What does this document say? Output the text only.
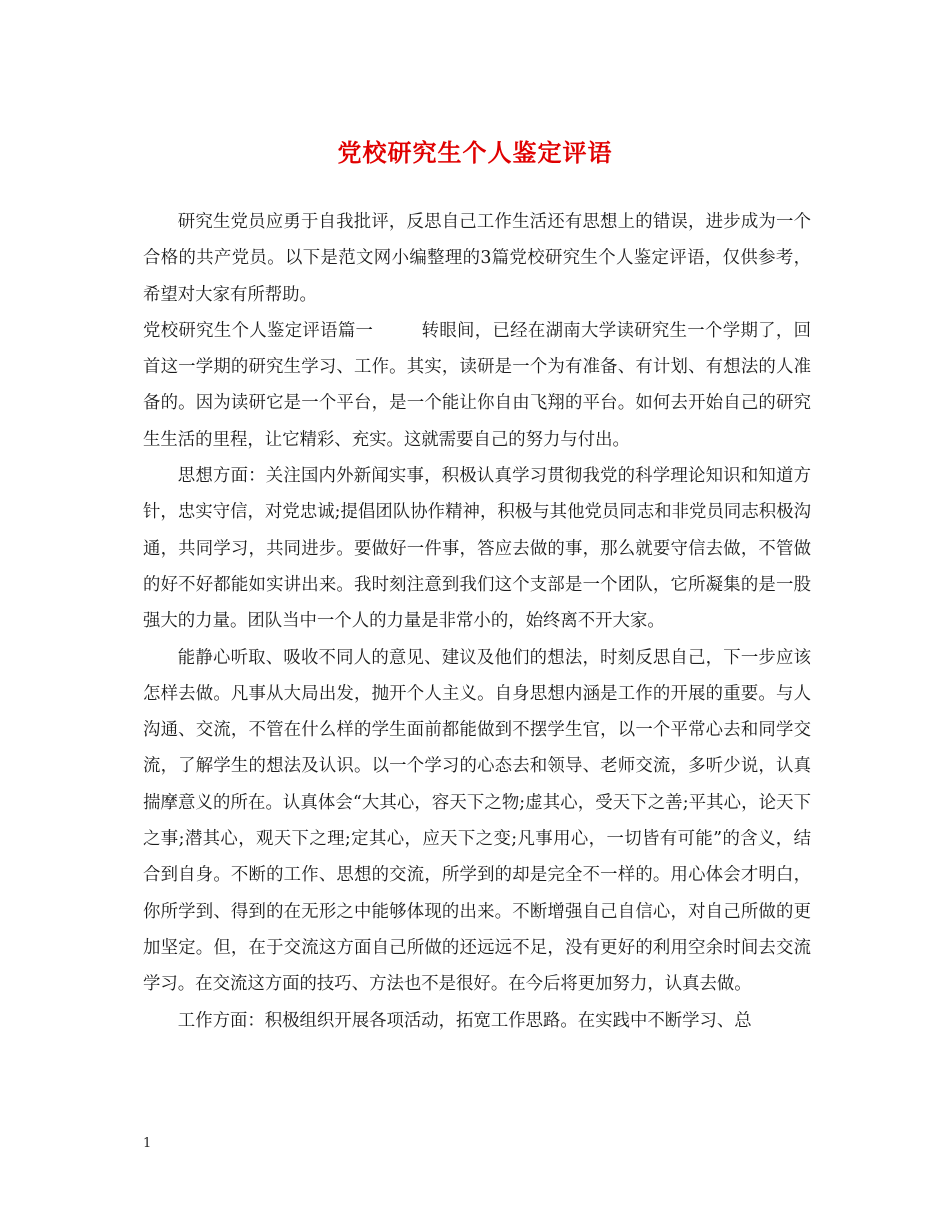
党校研究生个人鉴定评语

研究生党员应勇于自我批评，反思自己工作生活还有思想上的错误，进步成为一个合格的共产党员。以下是范文网小编整理的3篇党校研究生个人鉴定评语，仅供参考，希望对大家有所帮助。

党校研究生个人鉴定评语篇一	转眼间，已经在湖南大学读研究生一个学期了，回首这一学期的研究生学习、工作。其实，读研是一个为有准备、有计划、有想法的人准备的。因为读研它是一个平台，是一个能让你自由飞翔的平台。如何去开始自己的研究生生活的里程，让它精彩、充实。这就需要自己的努力与付出。

思想方面：关注国内外新闻实事，积极认真学习贯彻我党的科学理论知识和知道方针，忠实守信，对党忠诚;提倡团队协作精神，积极与其他党员同志和非党员同志积极沟通，共同学习，共同进步。要做好一件事，答应去做的事，那么就要守信去做，不管做的好不好都能如实讲出来。我时刻注意到我们这个支部是一个团队，它所凝集的是一股强大的力量。团队当中一个人的力量是非常小的，始终离不开大家。

能静心听取、吸收不同人的意见、建议及他们的想法，时刻反思自己，下一步应该怎样去做。凡事从大局出发，抛开个人主义。自身思想内涵是工作的开展的重要。与人沟通、交流，不管在什么样的学生面前都能做到不摆学生官，以一个平常心去和同学交流，了解学生的想法及认识。以一个学习的心态去和领导、老师交流，多听少说，认真揣摩意义的所在。认真体会“大其心，容天下之物;虚其心，受天下之善;平其心，论天下之事;潜其心，观天下之理;定其心，应天下之变;凡事用心，一切皆有可能”的含义，结合到自身。不断的工作、思想的交流，所学到的却是完全不一样的。用心体会才明白，你所学到、得到的在无形之中能够体现的出来。不断增强自己自信心，对自己所做的更加坚定。但，在于交流这方面自己所做的还远远不足，没有更好的利用空余时间去交流学习。在交流这方面的技巧、方法也不是很好。在今后将更加努力，认真去做。

工作方面：积极组织开展各项活动，拓宽工作思路。在实践中不断学习、总

1
